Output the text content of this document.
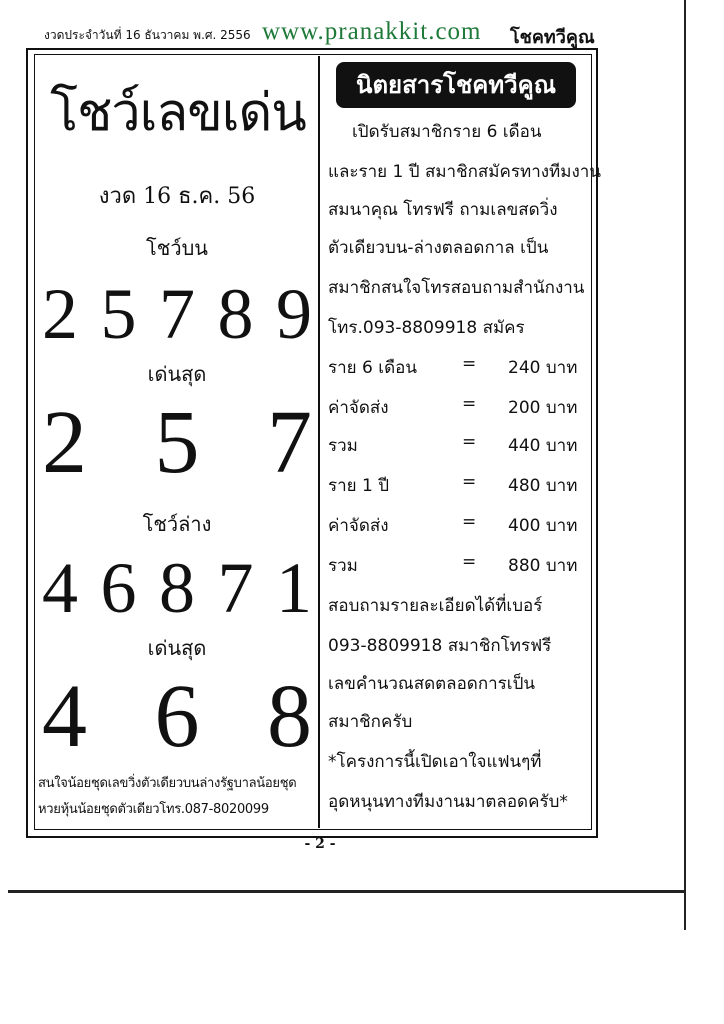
งวดประจำวันที่ 16 ธันวาคม พ.ศ. 2556 www.pranakkit.com โชคทวีคูณ
โชว์เลขเด่น
งวด 16 ธ.ค. 56
โชว์บน
2 5 7 8 9
เด่นสุด
2 5 7
โชว์ล่าง
4 6 8 7 1
เด่นสุด
4 6 8
สนใจน้อยชุดเลขวิ่งตัวเดียวบนล่างรัฐบาลน้อยชุด
หวยหุ้นน้อยชุดตัวเดียวโทร.087-8020099
นิตยสารโชคทวีคูณ
เปิดรับสมาชิกราย 6 เดือน
และราย 1 ปี สมาชิกสมัครทางทีมงาน
สมนาคุณ โทรฟรี ถามเลขสดวิ่ง
ตัวเดียวบน-ล่างตลอดกาล เป็น
สมาชิกสนใจโทรสอบถามสำนักงาน
โทร.093-8809918 สมัคร
ราย 6 เดือน	= 240 บาท
ค่าจัดส่ง	= 200 บาท
รวม	= 440 บาท
ราย 1 ปี	= 480 บาท
ค่าจัดส่ง	= 400 บาท
รวม	= 880 บาท
สอบถามรายละเอียดได้ที่เบอร์
093-8809918 สมาชิกโทรฟรี
เลขคำนวณสดตลอดการเป็น
สมาชิกครับ
*โครงการนี้เปิดเอาใจแฟนๆที่
อุดหนุนทางทีมงานมาตลอดครับ*
- 2 -
